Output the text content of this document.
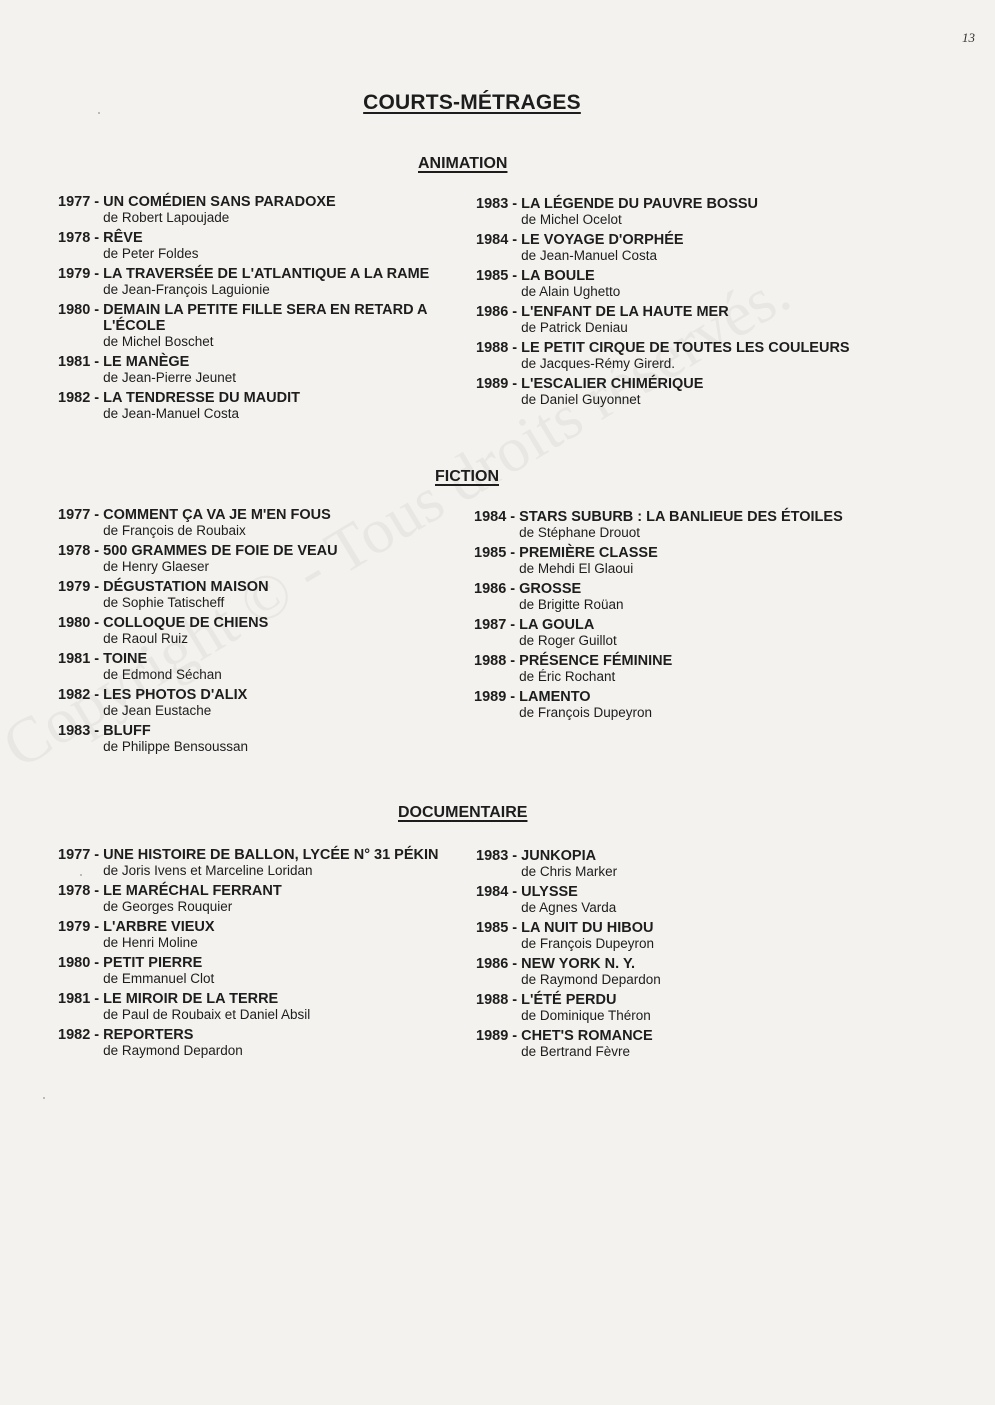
13
COURTS-MÉTRAGES
ANIMATION
1977 - UN COMÉDIEN SANS PARADOXE
de Robert Lapoujade
1978 - RÊVE
de Peter Foldes
1979 - LA TRAVERSÉE DE L'ATLANTIQUE A LA RAME
de Jean-François Laguionie
1980 - DEMAIN LA PETITE FILLE SERA EN RETARD A L'ÉCOLE
de Michel Boschet
1981 - LE MANÈGE
de Jean-Pierre Jeunet
1982 - LA TENDRESSE DU MAUDIT
de Jean-Manuel Costa
1983 - LA LÉGENDE DU PAUVRE BOSSU
de Michel Ocelot
1984 - LE VOYAGE D'ORPHÉE
de Jean-Manuel Costa
1985 - LA BOULE
de Alain Ughetto
1986 - L'ENFANT DE LA HAUTE MER
de Patrick Deniau
1988 - LE PETIT CIRQUE DE TOUTES LES COULEURS
de Jacques-Rémy Girerd.
1989 - L'ESCALIER CHIMÉRIQUE
de Daniel Guyonnet
FICTION
1977 - COMMENT ÇA VA JE M'EN FOUS
de François de Roubaix
1978 - 500 GRAMMES DE FOIE DE VEAU
de Henry Glaeser
1979 - DÉGUSTATION MAISON
de Sophie Tatischeff
1980 - COLLOQUE DE CHIENS
de Raoul Ruiz
1981 - TOINE
de Edmond Séchan
1982 - LES PHOTOS D'ALIX
de Jean Eustache
1983 - BLUFF
de Philippe Bensoussan
1984 - STARS SUBURB : LA BANLIEUE DES ÉTOILES
de Stéphane Drouot
1985 - PREMIÈRE CLASSE
de Mehdi El Glaoui
1986 - GROSSE
de Brigitte Roüan
1987 - LA GOULA
de Roger Guillot
1988 - PRÉSENCE FÉMININE
de Éric Rochant
1989 - LAMENTO
de François Dupeyron
DOCUMENTAIRE
1977 - UNE HISTOIRE DE BALLON, LYCÉE N° 31 PÉKIN
de Joris Ivens et Marceline Loridan
1978 - LE MARÉCHAL FERRANT
de Georges Rouquier
1979 - L'ARBRE VIEUX
de Henri Moline
1980 - PETIT PIERRE
de Emmanuel Clot
1981 - LE MIROIR DE LA TERRE
de Paul de Roubaix et Daniel Absil
1982 - REPORTERS
de Raymond Depardon
1983 - JUNKOPIA
de Chris Marker
1984 - ULYSSE
de Agnes Varda
1985 - LA NUIT DU HIBOU
de François Dupeyron
1986 - NEW YORK N. Y.
de Raymond Depardon
1988 - L'ÉTÉ PERDU
de Dominique Théron
1989 - CHET'S ROMANCE
de Bertrand Fèvre
